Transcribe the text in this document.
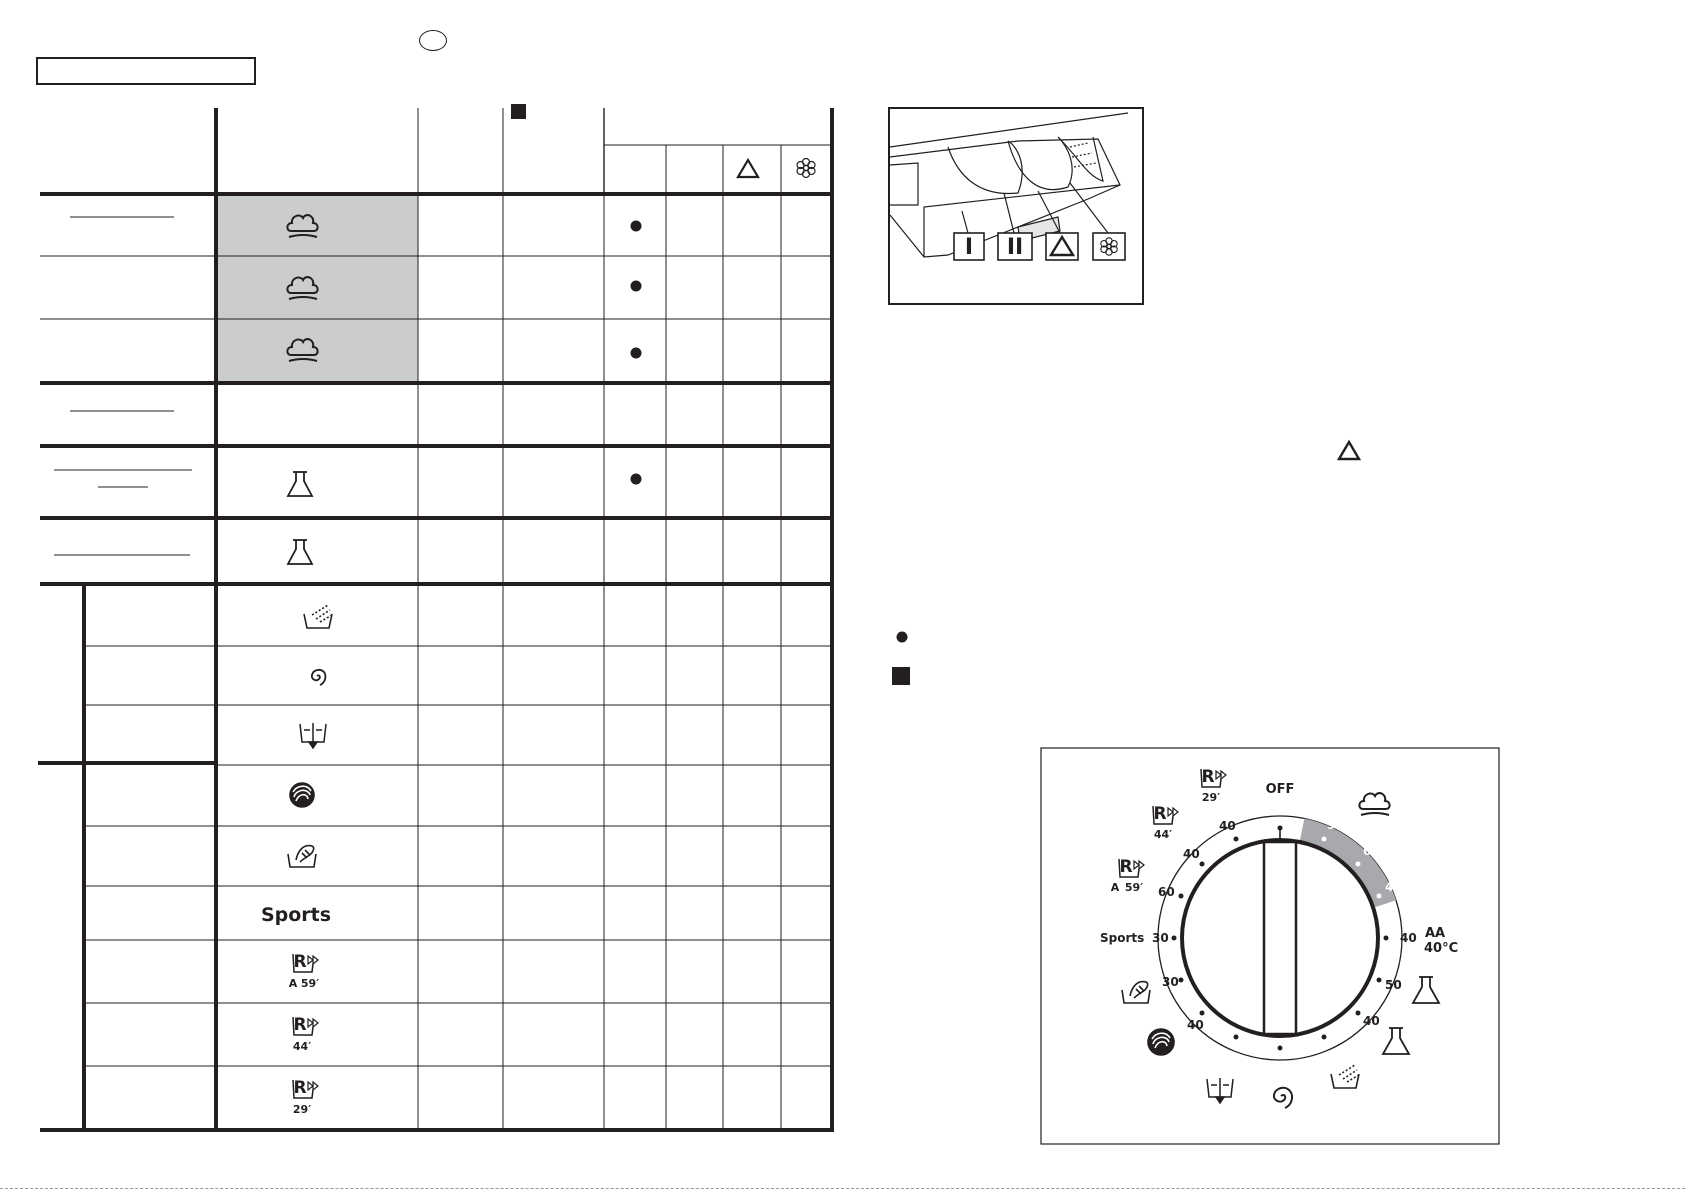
Sports
R
A 59′
R
44′
R
29′
I II
90
60
40
40
50
40
40
30
30
60
40
40
OFF
AA
40°C
Sports
R
A 59′
R
44′
R
29′
